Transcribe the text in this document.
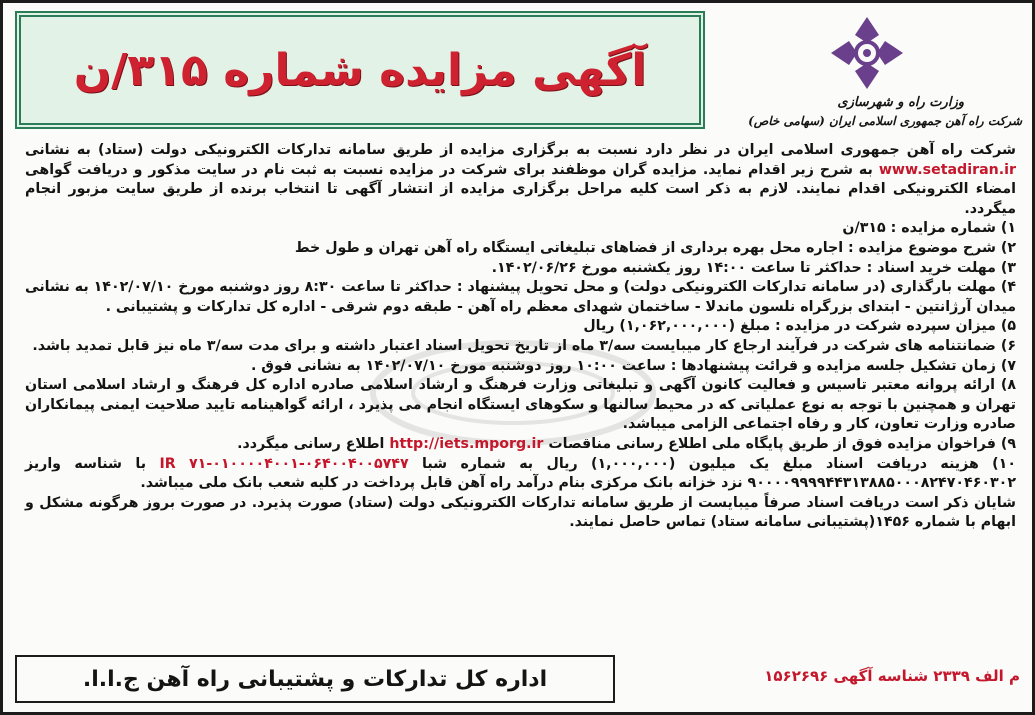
آگهی مزایده شماره ۳۱۵/ن
وزارت راه و شهرسازی
شرکت راه آهن جمهوری اسلامی ایران (سهامی خاص)

شرکت راه آهن جمهوری اسلامی ایران در نظر دارد نسبت به برگزاری مزایده از طریق سامانه تدارکات الکترونیکی دولت (ستاد) به نشانی www.setadiran.ir به شرح زیر اقدام نماید. مزایده گران موظفند برای شرکت در مزایده نسبت به ثبت نام در سایت مذکور و دریافت گواهی امضاء الکترونیکی اقدام نمایند. لازم به ذکر است کلیه مراحل برگزاری مزایده از انتشار آگهی تا انتخاب برنده از طریق سایت مزبور انجام میگردد.

۱) شماره مزایده : ۳۱۵/ن

۲) شرح موضوع مزایده : اجاره محل بهره برداری از فضاهای تبلیغاتی ایستگاه راه آهن تهران و طول خط

۳) مهلت خرید اسناد : حداکثر تا ساعت ۱۴:۰۰ روز یکشنبه مورخ ۱۴۰۲/۰۶/۲۶.

۴) مهلت بارگذاری (در سامانه تدارکات الکترونیکی دولت) و محل تحویل پیشنهاد : حداکثر تا ساعت ۸:۳۰ روز دوشنبه مورخ ۱۴۰۲/۰۷/۱۰ به نشانی میدان آرژانتین - ابتدای بزرگراه نلسون ماندلا - ساختمان شهدای معظم راه آهن - طبقه دوم شرقی - اداره کل تدارکات و پشتیبانی .

۵) میزان سپرده شرکت در مزایده : مبلغ (۱,۰۶۲,۰۰۰,۰۰۰) ریال

۶) ضمانتنامه های شرکت در فرآیند ارجاع کار میبایست سه/۳ ماه از تاریخ تحویل اسناد اعتبار داشته و برای مدت سه/۳ ماه نیز قابل تمدید باشد.

۷) زمان تشکیل جلسه مزایده و قرائت پیشنهادها : ساعت ۱۰:۰۰ روز دوشنبه مورخ ۱۴۰۲/۰۷/۱۰ به نشانی فوق .

۸) ارائه پروانه معتبر تاسیس و فعالیت کانون آگهی و تبلیغاتی وزارت فرهنگ و ارشاد اسلامی صادره اداره کل فرهنگ و ارشاد اسلامی استان تهران و همچنین با توجه به نوع عملیاتی که در محیط سالنها و سکوهای ایستگاه انجام می پذیرد ، ارائه گواهینامه تایید صلاحیت ایمنی پیمانکاران صادره وزارت تعاون، کار و رفاه اجتماعی الزامی میباشد.

۹) فراخوان مزایده فوق از طریق پایگاه ملی اطلاع رسانی مناقصات http://iets.mporg.ir اطلاع رسانی میگردد.

۱۰) هزینه دریافت اسناد مبلغ یک میلیون (۱,۰۰۰,۰۰۰) ریال به شماره شبا IR ۷۱-۰۱۰۰۰۰۴۰۰۱-۰۶۴۰۰۴۰۰۵۷۴۷ با شناسه واریز ۹۰۰۰۰۹۹۹۹۴۴۳۱۳۸۸۵۰۰۰۸۲۴۷۰۴۶۰۳۰۲ نزد خزانه بانک مرکزی بنام درآمد راه آهن قابل پرداخت در کلیه شعب بانک ملی میباشد.

شایان ذکر است دریافت اسناد صرفاً میبایست از طریق سامانه تدارکات الکترونیکی دولت (ستاد) صورت پذیرد. در صورت بروز هرگونه مشکل و ابهام با شماره ۱۴۵۶(پشتیبانی سامانه ستاد) تماس حاصل نمایند.

اداره کل تدارکات و پشتیبانی راه آهن ج.ا.ا.	م الف ۲۳۳۹ شناسه آگهی ۱۵۶۲۶۹۶
